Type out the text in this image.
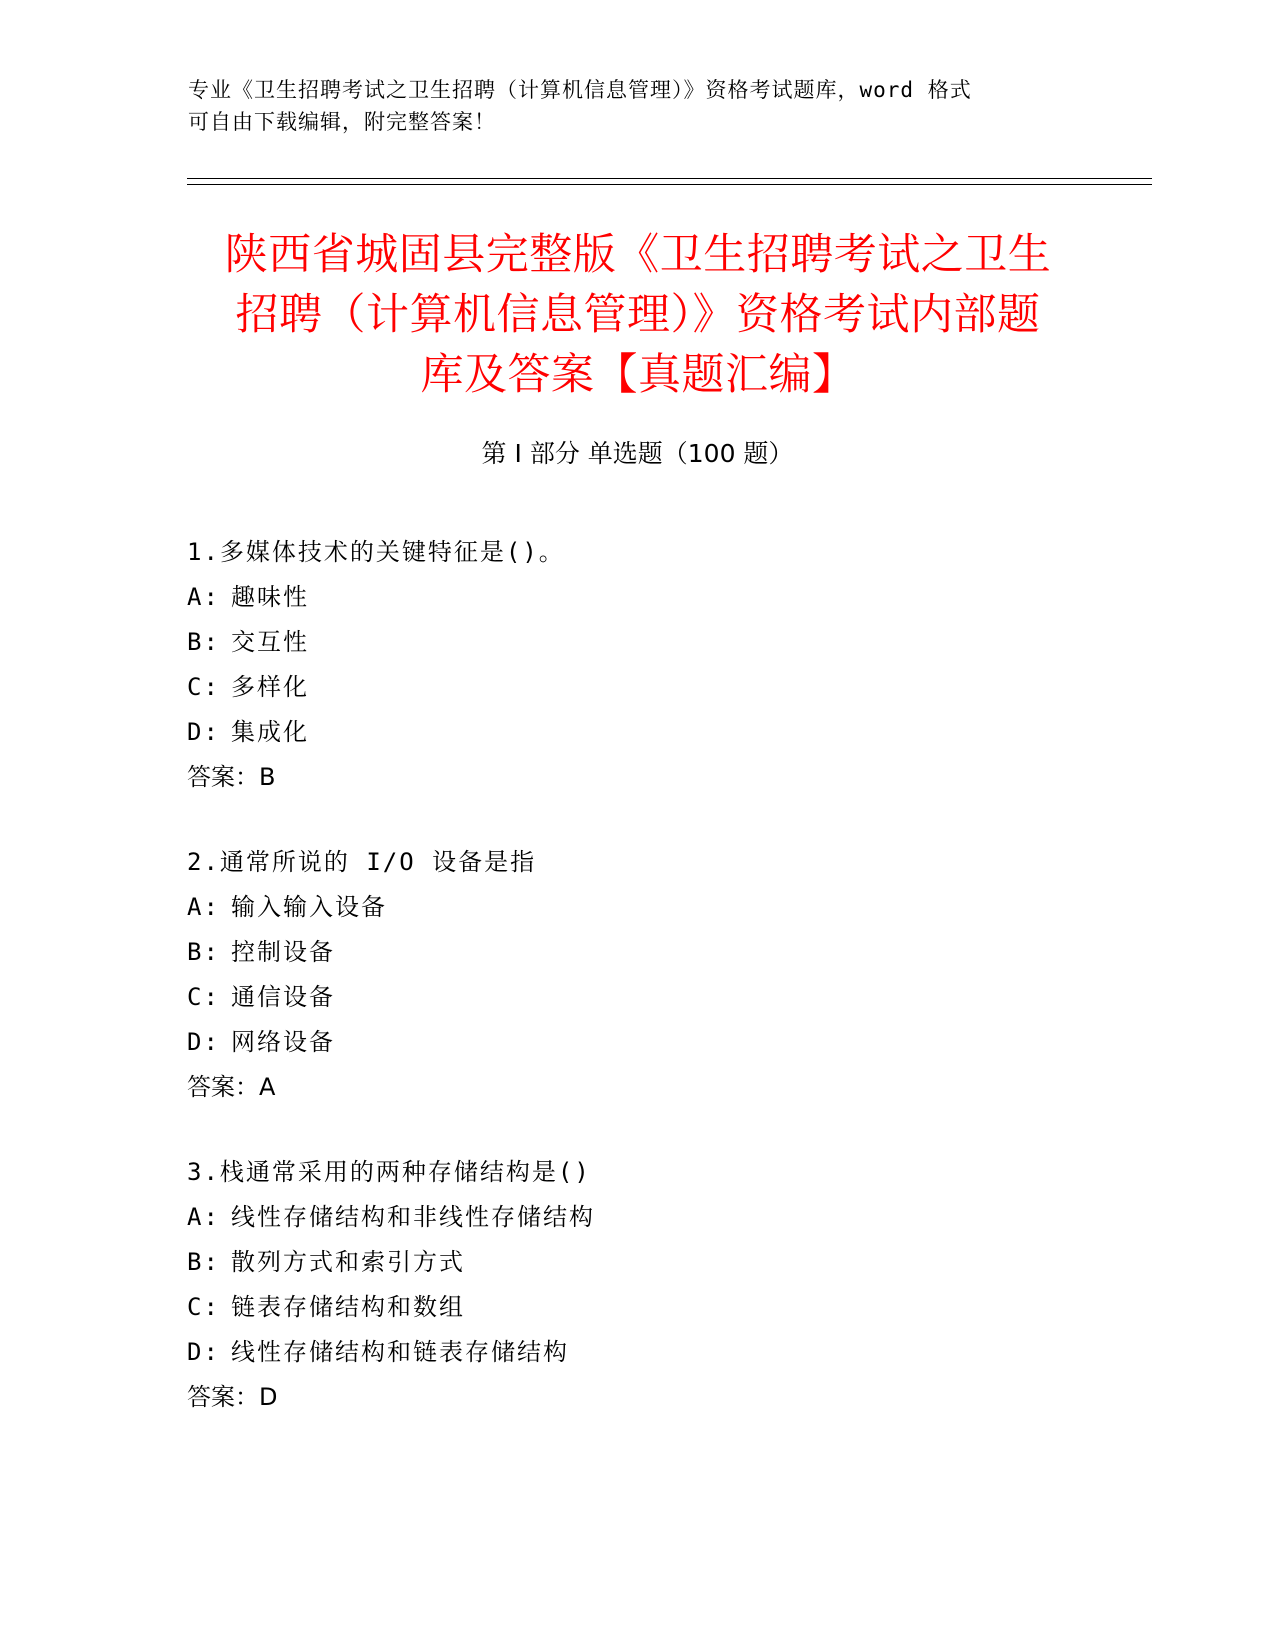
专业《卫生招聘考试之卫生招聘（计算机信息管理）》资格考试题库，word 格式
可自由下载编辑，附完整答案！
陕西省城固县完整版《卫生招聘考试之卫生
招聘（计算机信息管理）》资格考试内部题
库及答案【真题汇编】
第 I 部分 单选题（100 题）
1.多媒体技术的关键特征是()。
A: 趣味性
B: 交互性
C: 多样化
D: 集成化
答案：B
2.通常所说的 I/O 设备是指
A: 输入输入设备
B: 控制设备
C: 通信设备
D: 网络设备
答案：A
3.栈通常采用的两种存储结构是()
A: 线性存储结构和非线性存储结构
B: 散列方式和索引方式
C: 链表存储结构和数组
D: 线性存储结构和链表存储结构
答案：D
